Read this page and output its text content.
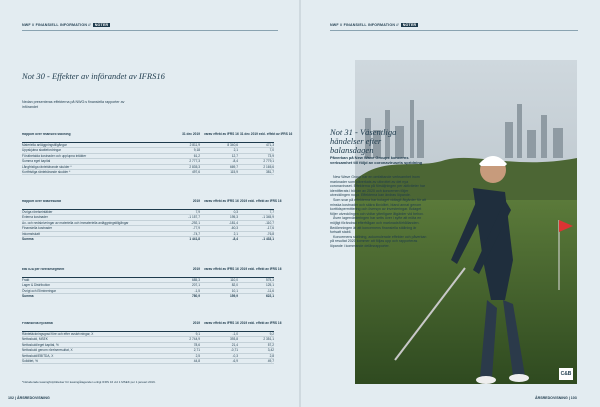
NWF // FINANSIELL INFORMATION // NOTER	NWF // FINANSIELL INFORMATION // NOTER
Not 30 - Effekter av införandet av IFRS16
Nedan presenteras effekterna på NWG:s finansiella rapporter av införandet
Rapport över finansiell ställning	31 dec 2019 varav effekt av IFRS 16 31 dec 2019 exkl. effekt av IFRS 16
Materiella anläggningstillgångar	2 811,9	8 340,6	471,3
Uppskjutna skattefordringar	9,18	2,1	7,0
Förutbetalda kostnader och upplupna intäkter	61,2	12,7	73,9
Summa eget kapital	2 777,3	-8,4	2 779,1
Långfristiga räntebärande skulder *	2 835,3	669,7	2 165,6
Kortfristiga räntebärande skulder *	497,6	115,9	381,7
Rapport över totalresultat	2019 varav effekt av IFRS 16 2019 exkl. effekt av IFRS 16
Övriga rörelseintäkter	7,9	0,3	7,7
Externa kostnader	-1 157,7	195,3	-1 345,9
Av- och nedskrivningar av materiella och immateriella anläggningstillgångar	-292,1	-181,4	-110,7
Finansiella kostnader	-77,9	-60,3	-17,6
Inkomstskatt	-74,7	2,1	-76,8
Summa	1 441,8	-8,4	-1 433,1
EBITDA per rörelsesegment	2019 varav effekt av IFRS 16 2019 exkl. effekt av IFRS 16
Frakt	685,3	110,0	575,3
Lager & Distribution	207,1	82,0	125,1
Övrigt och Elimineringar	-1,5	10,1	-11,6
Summa	780,9	159,9	622,1
Finansiella nyckeltal	2019 varav effekt av IFRS 16 2019 exkl. effekt av IFRS 16
Räntetäckningsgrad före och efter avskrivningar, X	9,1	-1,0	9,2
Nettoskuld, MSEK	2 744,9	393,8	2 351,1
Nettoskuld/eget kapital, %	78,6	21,4	57,2
Nettoskuld genom rörelseresultat, X	2,71	-0,71	3,42
Nettoskuld/EBITDA, X	2,5	-0,3	2,8
Soliditet, %	44,8	-6,9	49,7
*Inkluderade leasingförpliktelser för leasingåtaganden enligt IFRS 16 vid 1 MSEK per 1 januari 2019.
C&B
Not 31 - Väsentliga händelser efter balansdagen
Påverkan på New Wave Groups koncerns verksamhet till följd av coronavirusets spridning

New Wave Group har en omfattande verksamhet inom marknader som påverkats av utbrottet av det nya coronaviruset. Effekterna på försäljningen per aktiviteter har identifierats i början av 2020 och koncernen följer utvecklingen noga. Effekterna kan ändras löpande.

Som svar på effekterna har bolaget vidtagit åtgärder för att minska kostnader och säkra likviditet, bland annat genom korttidspermittering och översyn av investeringar. Bolaget följer utvecklingen och vidtar ytterligare åtgärder vid behov.

Även lagervärderingen har setts över i syfte att möta en möjligt förändrad efterfrågan och marknadsförhållanden. Bedömningen är att koncernens finansiella ställning är fortsatt stabil.

Koncernens ställning, ackumulerade effekter och påverkan på resultat 2020 kommer att följas upp och rapporteras löpande i kommande delårsrapporter.

102 | ÅRSREDOVISNING	ÅRSREDOVISNING | 103
